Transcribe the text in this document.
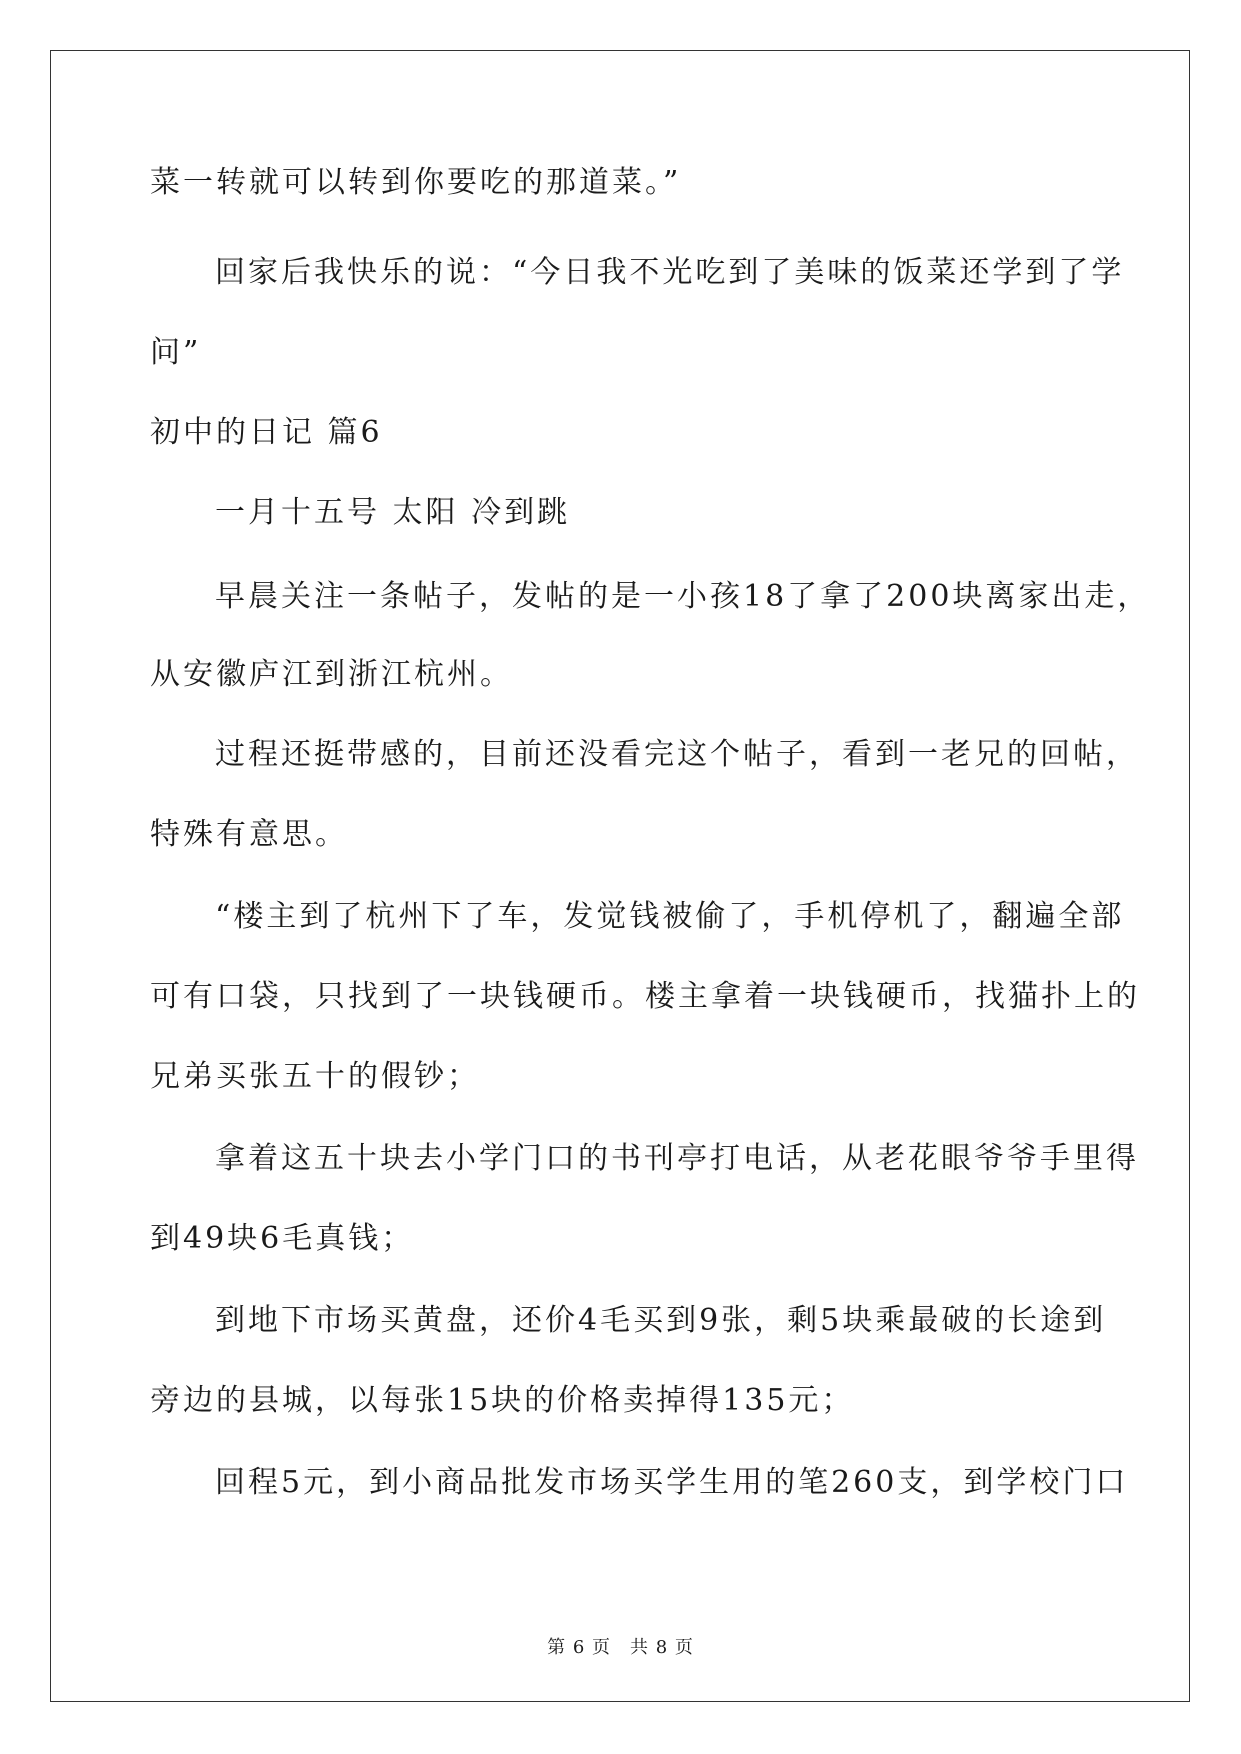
菜一转就可以转到你要吃的那道菜。”
回家后我快乐的说：“今日我不光吃到了美味的饭菜还学到了学
问”
初中的日记 篇6
一月十五号 太阳 冷到跳
早晨关注一条帖子，发帖的是一小孩18了拿了200块离家出走，
从安徽庐江到浙江杭州。
过程还挺带感的，目前还没看完这个帖子，看到一老兄的回帖，
特殊有意思。
“楼主到了杭州下了车，发觉钱被偷了，手机停机了，翻遍全部
可有口袋，只找到了一块钱硬币。楼主拿着一块钱硬币，找猫扑上的
兄弟买张五十的假钞；
拿着这五十块去小学门口的书刊亭打电话，从老花眼爷爷手里得
到49块6毛真钱；
到地下市场买黄盘，还价4毛买到9张，剩5块乘最破的长途到
旁边的县城，以每张15块的价格卖掉得135元；
回程5元，到小商品批发市场买学生用的笔260支，到学校门口
第 6 页　共 8 页
